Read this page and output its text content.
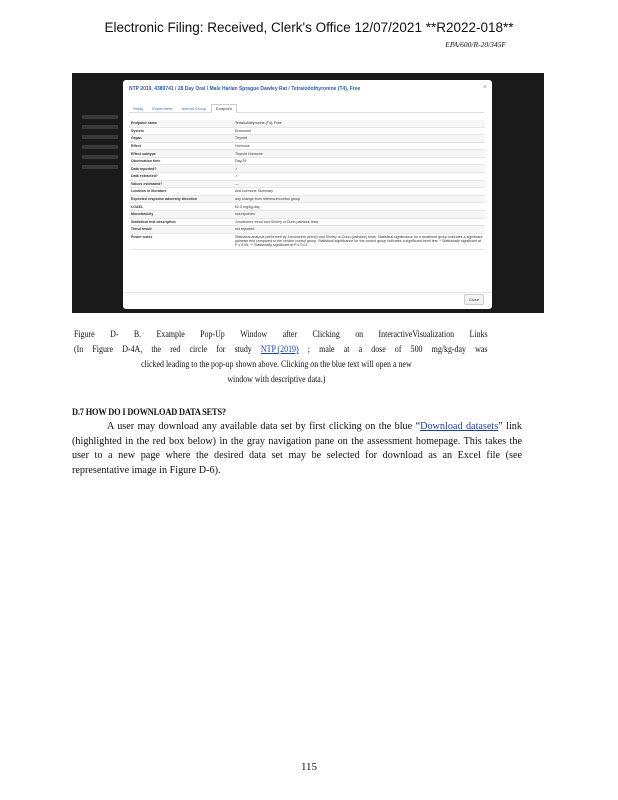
Electronic Filing: Received, Clerk's Office 12/07/2021 **R2022-018**
EPA/600/R-20/345F
NTP 2019, 4389741 / 28 Day Oral / Male Harlan Sprague Dawley Rat / Tetraiodothyronine (T4), Free	×
Study Experiment Animal Group	Endpoint
Endpoint name	Tetraiodothyronine (T4), Free
System	Endocrine
Organ	Thyroid
Effect	Hormone
Effect subtype	Thyroid Hormone
Observation time	Day 29
Data reported?	✓
Data extracted?	✓
Values estimated?	—
Location in literature	Anti-hormone Summary
Expected response adversity direction	any change from reference/control group
LOAEL	62.5 mg/kg-day
Monotonicity	not-reported
Statistical test description	Jonckheere trend and Shirley or Dunn pairwise tests
Trend result	not reported
Power notes	Statistical analysis performed by Jonckheere (trend) and Shirley or Dunn (pairwise) tests. Statistical significance for a treatment group indicates a significant pairwise test compared to the vehicle control group. Statistical significance for the control group indicates a significant trend test. * Statistically significant at P ≤ 0.05; ** Statistically significant at P ≤ 0.01
Close
Figure D- B. Example Pop-Up Window after Clicking on InteractiveVisualization Links
(In Figure D-4A, the red circle for study NTP (2019) ; male at a dose of 500 mg/kg-day was
clicked leading to the pop-up shown above. Clicking on the blue text will open a new
window with descriptive data.)
D.7 HOW DO I DOWNLOAD DATA SETS?
A user may download any available data set by first clicking on the blue “Download datasets” link (highlighted in the red box below) in the gray navigation pane on the assessment homepage. This takes the user to a new page where the desired data set may be selected for download as an Excel file (see representative image in Figure D-6).
115
